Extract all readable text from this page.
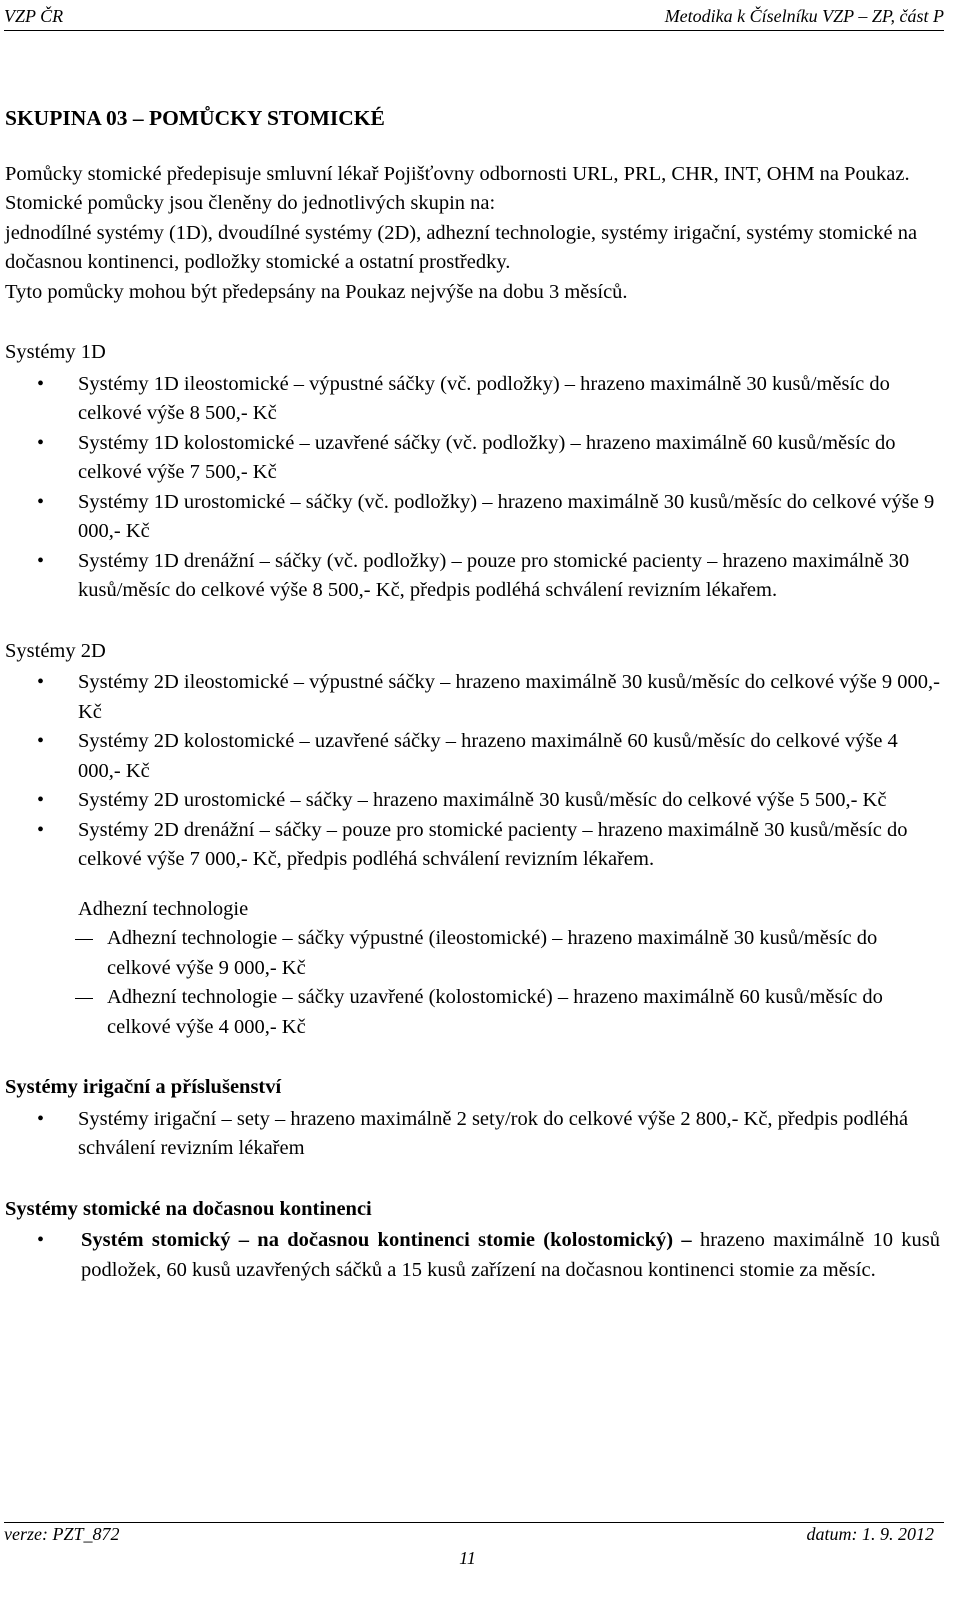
VZP ČR	Metodika k Číselníku VZP – ZP, část P
SKUPINA 03 – POMŮCKY STOMICKÉ

Pomůcky stomické předepisuje smluvní lékař Pojišťovny odbornosti URL, PRL, CHR, INT, OHM na Poukaz.

Stomické pomůcky jsou členěny do jednotlivých skupin na:

jednodílné systémy (1D), dvoudílné systémy (2D), adhezní technologie, systémy irigační, systémy stomické na dočasnou kontinenci, podložky stomické a ostatní prostředky.

Tyto pomůcky mohou být předepsány na Poukaz nejvýše na dobu 3 měsíců.

Systémy 1D
• Systémy 1D ileostomické – výpustné sáčky (vč. podložky) – hrazeno maximálně 30 kusů/měsíc do celkové výše 8 500,- Kč
• Systémy 1D kolostomické – uzavřené sáčky (vč. podložky) – hrazeno maximálně 60 kusů/měsíc do celkové výše 7 500,- Kč
• Systémy 1D urostomické – sáčky (vč. podložky) – hrazeno maximálně 30 kusů/měsíc do celkové výše 9 000,- Kč
• Systémy 1D drenážní – sáčky (vč. podložky) – pouze pro stomické pacienty – hrazeno maximálně 30 kusů/měsíc do celkové výše 8 500,- Kč, předpis podléhá schválení revizním lékařem.
Systémy 2D
• Systémy 2D ileostomické – výpustné sáčky – hrazeno maximálně 30 kusů/měsíc do celkové výše 9 000,- Kč
• Systémy 2D kolostomické – uzavřené sáčky – hrazeno maximálně 60 kusů/měsíc do celkové výše 4 000,- Kč
• Systémy 2D urostomické – sáčky – hrazeno maximálně 30 kusů/měsíc do celkové výše 5 500,- Kč
• Systémy 2D drenážní – sáčky – pouze pro stomické pacienty – hrazeno maximálně 30 kusů/měsíc do celkové výše 7 000,- Kč, předpis podléhá schválení revizním lékařem.
Adhezní technologie
Adhezní technologie – sáčky výpustné (ileostomické) – hrazeno maximálně 30 kusů/měsíc do celkové výše 9 000,- Kč
Adhezní technologie – sáčky uzavřené (kolostomické) – hrazeno maximálně 60 kusů/měsíc do celkové výše 4 000,- Kč
Systémy irigační a příslušenství
• Systémy irigační – sety – hrazeno maximálně 2 sety/rok do celkové výše 2 800,- Kč, předpis podléhá schválení revizním lékařem
Systémy stomické na dočasnou kontinenci
• Systém stomický – na dočasnou kontinenci stomie (kolostomický) – hrazeno maximálně 10 kusů podložek, 60 kusů uzavřených sáčků a 15 kusů zařízení na dočasnou kontinenci stomie za měsíc.
verze: PZT_872	datum: 1. 9. 2012
11
